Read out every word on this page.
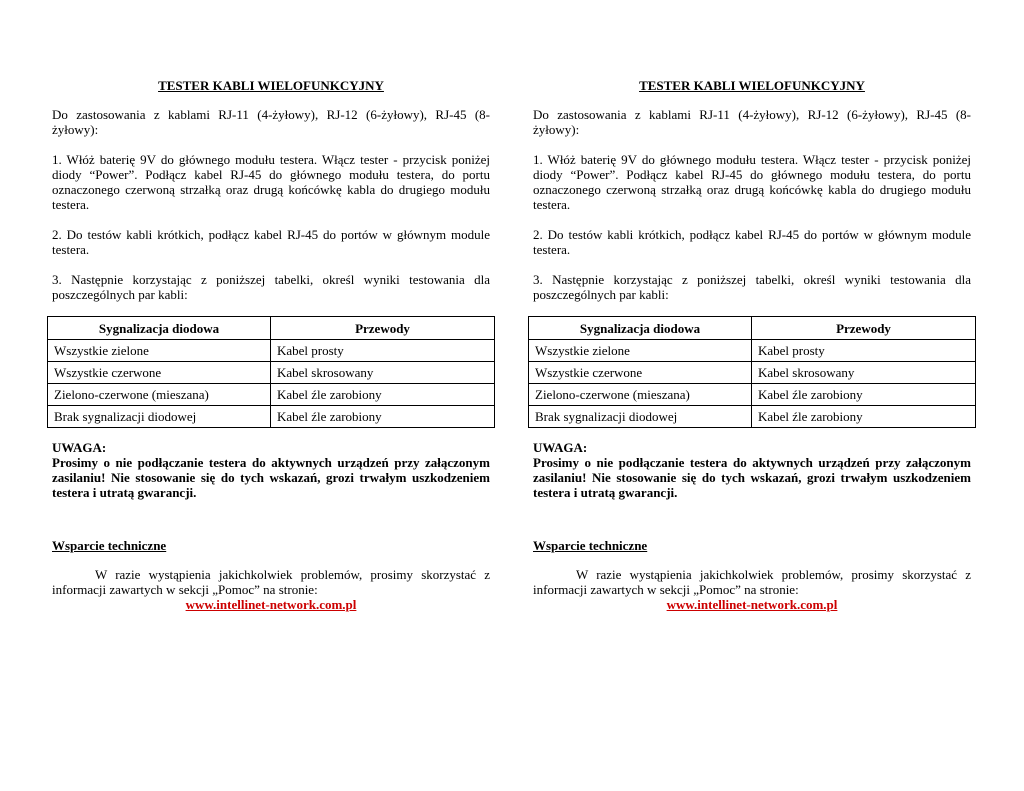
TESTER KABLI WIELOFUNKCYJNY
Do zastosowania z kablami RJ-11 (4-żyłowy), RJ-12 (6-żyłowy), RJ-45 (8-żyłowy):
1. Włóż baterię 9V do głównego modułu testera. Włącz tester - przycisk poniżej diody “Power”. Podłącz kabel RJ-45 do głównego modułu testera, do portu oznaczonego czerwoną strzałką oraz drugą końcówkę kabla do drugiego modułu testera.
2. Do testów kabli krótkich, podłącz kabel RJ-45 do portów w głównym module testera.
3. Następnie korzystając z poniższej tabelki, określ wyniki testowania dla poszczególnych par kabli:
Sygnalizacja diodowa	Przewody
Wszystkie zielone	Kabel prosty
Wszystkie czerwone	Kabel skrosowany
Zielono-czerwone (mieszana)	Kabel źle zarobiony
Brak sygnalizacji diodowej	Kabel źle zarobiony
UWAGA:
Prosimy o nie podłączanie testera do aktywnych urządzeń przy załączonym zasilaniu! Nie stosowanie się do tych wskazań, grozi trwałym uszkodzeniem testera i utratą gwarancji.
Wsparcie techniczne
W razie wystąpienia jakichkolwiek problemów, prosimy skorzystać z informacji zawartych w sekcji „Pomoc” na stronie:
www.intellinet-network.com.pl
TESTER KABLI WIELOFUNKCYJNY
Do zastosowania z kablami RJ-11 (4-żyłowy), RJ-12 (6-żyłowy), RJ-45 (8-żyłowy):
1. Włóż baterię 9V do głównego modułu testera. Włącz tester - przycisk poniżej diody “Power”. Podłącz kabel RJ-45 do głównego modułu testera, do portu oznaczonego czerwoną strzałką oraz drugą końcówkę kabla do drugiego modułu testera.
2. Do testów kabli krótkich, podłącz kabel RJ-45 do portów w głównym module testera.
3. Następnie korzystając z poniższej tabelki, określ wyniki testowania dla poszczególnych par kabli:
Sygnalizacja diodowa	Przewody
Wszystkie zielone	Kabel prosty
Wszystkie czerwone	Kabel skrosowany
Zielono-czerwone (mieszana)	Kabel źle zarobiony
Brak sygnalizacji diodowej	Kabel źle zarobiony
UWAGA:
Prosimy o nie podłączanie testera do aktywnych urządzeń przy załączonym zasilaniu! Nie stosowanie się do tych wskazań, grozi trwałym uszkodzeniem testera i utratą gwarancji.
Wsparcie techniczne
W razie wystąpienia jakichkolwiek problemów, prosimy skorzystać z informacji zawartych w sekcji „Pomoc” na stronie:
www.intellinet-network.com.pl
